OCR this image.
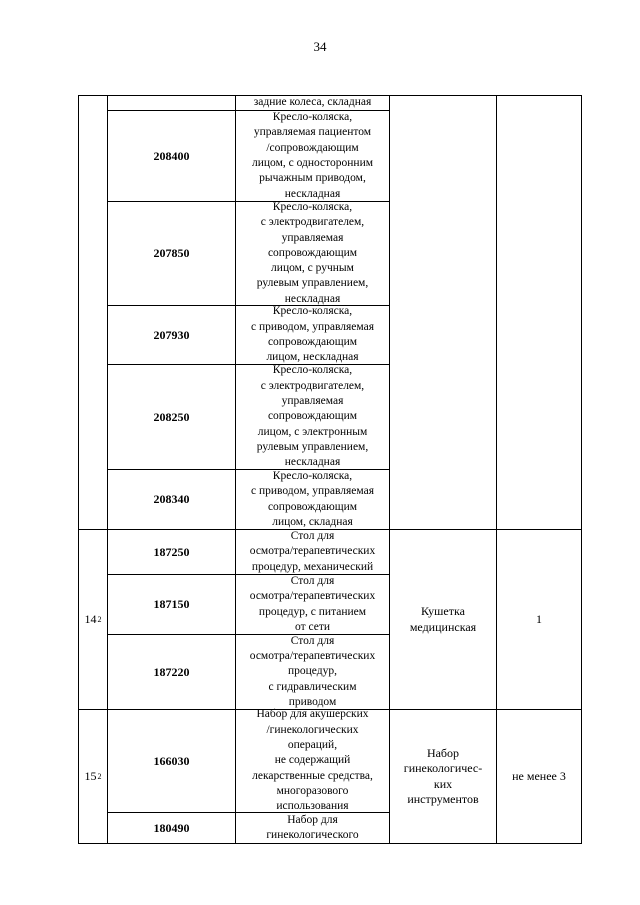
34
задние колеса, складная
208400
Кресло-коляска,
управляемая пациентом
/сопровождающим
лицом, с односторонним
рычажным приводом,
нескладная
207850
Кресло-коляска,
с электродвигателем,
управляемая
сопровождающим
лицом, с ручным
рулевым управлением,
нескладная
207930
Кресло-коляска,
с приводом, управляемая
сопровождающим
лицом, нескладная
208250
Кресло-коляска,
с электродвигателем,
управляемая
сопровождающим
лицом, с электронным
рулевым управлением,
нескладная
208340
Кресло-коляска,
с приводом, управляемая
сопровождающим
лицом, складная
14 2
187250
Стол для
осмотра/терапевтических
процедур, механический
187150
Стол для
осмотра/терапевтических
процедур, с питанием
от сети
187220
Стол для
осмотра/терапевтических
процедур,
с гидравлическим
приводом
Кушетка
медицинская
1
15 2
166030
Набор для акушерских
/гинекологических
операций,
не содержащий
лекарственные средства,
многоразового
использования
180490
Набор для
гинекологического
Набор
гинекологичес-
ких
инструментов
не менее 3
